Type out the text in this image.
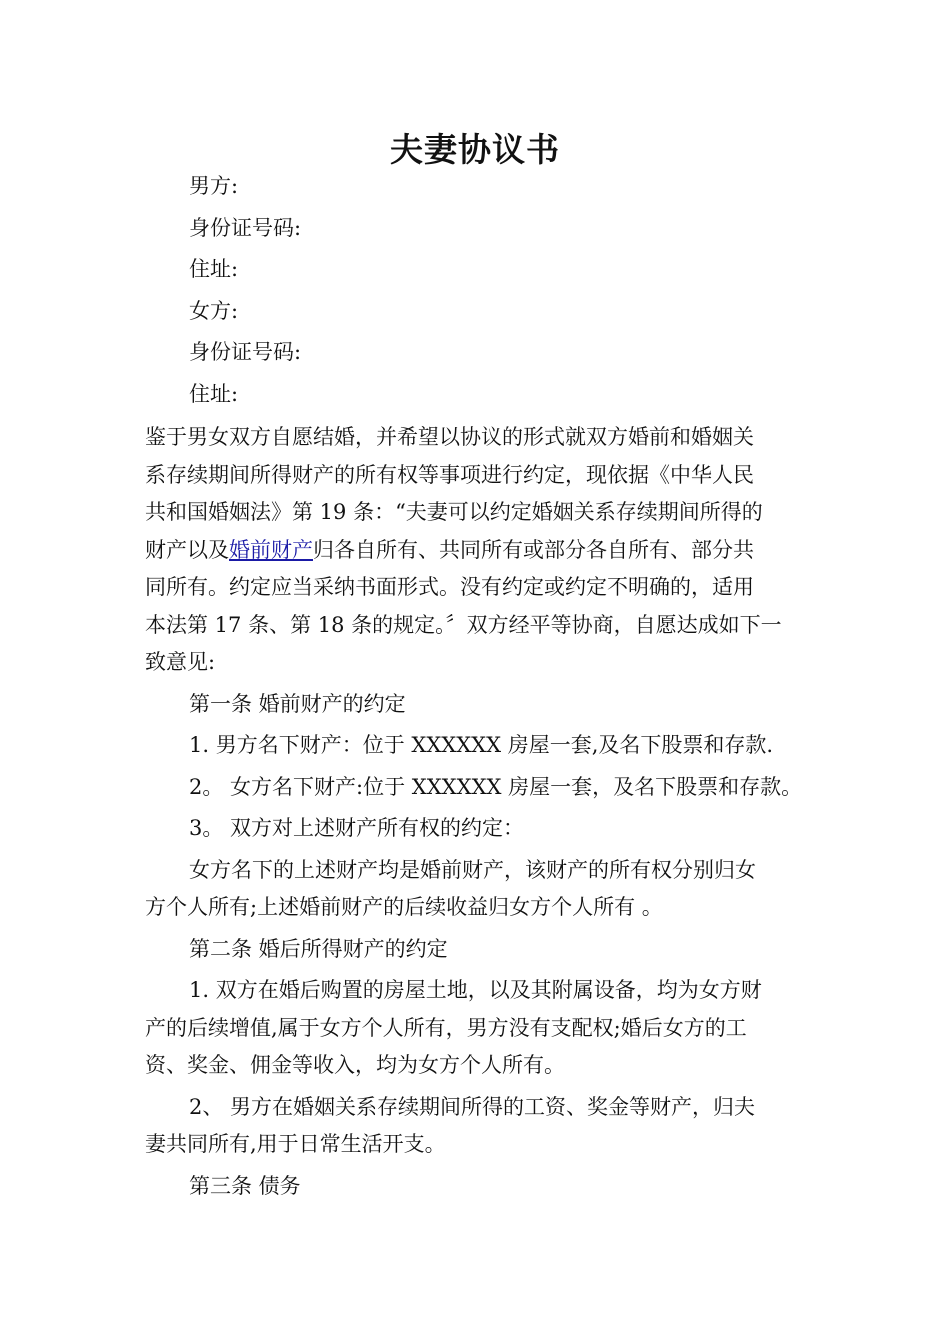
夫妻协议书

男方:

身份证号码:

住址:

女方:

身份证号码:

住址:

鉴于男女双方自愿结婚，并希望以协议的形式就双方婚前和婚姻关
系存续期间所得财产的所有权等事项进行约定，现依据《中华人民
共和国婚姻法》第 19 条：“夫妻可以约定婚姻关系存续期间所得的
财产以及婚前财产归各自所有、共同所有或部分各自所有、部分共
同所有。约定应当采纳书面形式。没有约定或约定不明确的，适用
本法第 17 条、第 18 条的规定。〞双方经平等协商，自愿达成如下一
致意见:

第一条 婚前财产的约定

1. 男方名下财产：位于 XXXXXX 房屋一套,及名下股票和存款.

2。 女方名下财产:位于 XXXXXX 房屋一套，及名下股票和存款。

3。 双方对上述财产所有权的约定：

女方名下的上述财产均是婚前财产，该财产的所有权分别归女
方个人所有;上述婚前财产的后续收益归女方个人所有 。

第二条 婚后所得财产的约定

1. 双方在婚后购置的房屋土地，以及其附属设备，均为女方财
产的后续增值,属于女方个人所有，男方没有支配权;婚后女方的工
资、奖金、佣金等收入，均为女方个人所有。
2、 男方在婚姻关系存续期间所得的工资、奖金等财产，归夫
妻共同所有,用于日常生活开支。

第三条 债务
